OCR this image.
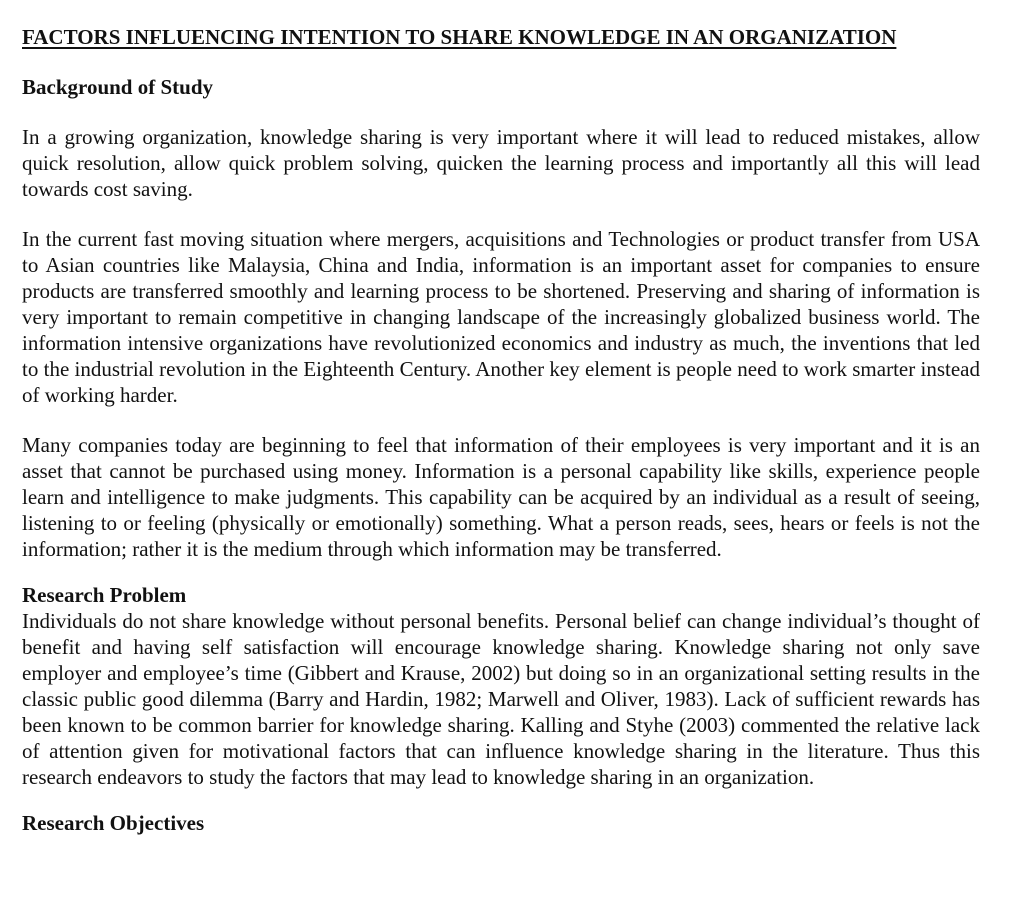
FACTORS INFLUENCING INTENTION TO SHARE KNOWLEDGE IN AN ORGANIZATION
Background of Study

In a growing organization, knowledge sharing is very important where it will lead to reduced mistakes, allow quick resolution, allow quick problem solving, quicken the learning process and importantly all this will lead towards cost saving.

In the current fast moving situation where mergers, acquisitions and Technologies or product transfer from USA to Asian countries like Malaysia, China and India, information is an important asset for companies to ensure products are transferred smoothly and learning process to be shortened. Preserving and sharing of information is very important to remain competitive in changing landscape of the increasingly globalized business world. The information intensive organizations have revolutionized economics and industry as much, the inventions that led to the industrial revolution in the Eighteenth Century. Another key element is people need to work smarter instead of working harder.

Many companies today are beginning to feel that information of their employees is very important and it is an asset that cannot be purchased using money. Information is a personal capability like skills, experience people learn and intelligence to make judgments. This capability can be acquired by an individual as a result of seeing, listening to or feeling (physically or emotionally) something. What a person reads, sees, hears or feels is not the information; rather it is the medium through which information may be transferred.

Research Problem

Individuals do not share knowledge without personal benefits. Personal belief can change individual’s thought of benefit and having self satisfaction will encourage knowledge sharing. Knowledge sharing not only save employer and employee’s time (Gibbert and Krause, 2002) but doing so in an organizational setting results in the classic public good dilemma (Barry and Hardin, 1982; Marwell and Oliver, 1983). Lack of sufficient rewards has been known to be common barrier for knowledge sharing. Kalling and Styhe (2003) commented the relative lack of attention given for motivational factors that can influence knowledge sharing in the literature. Thus this research endeavors to study the factors that may lead to knowledge sharing in an organization.

Research Objectives
